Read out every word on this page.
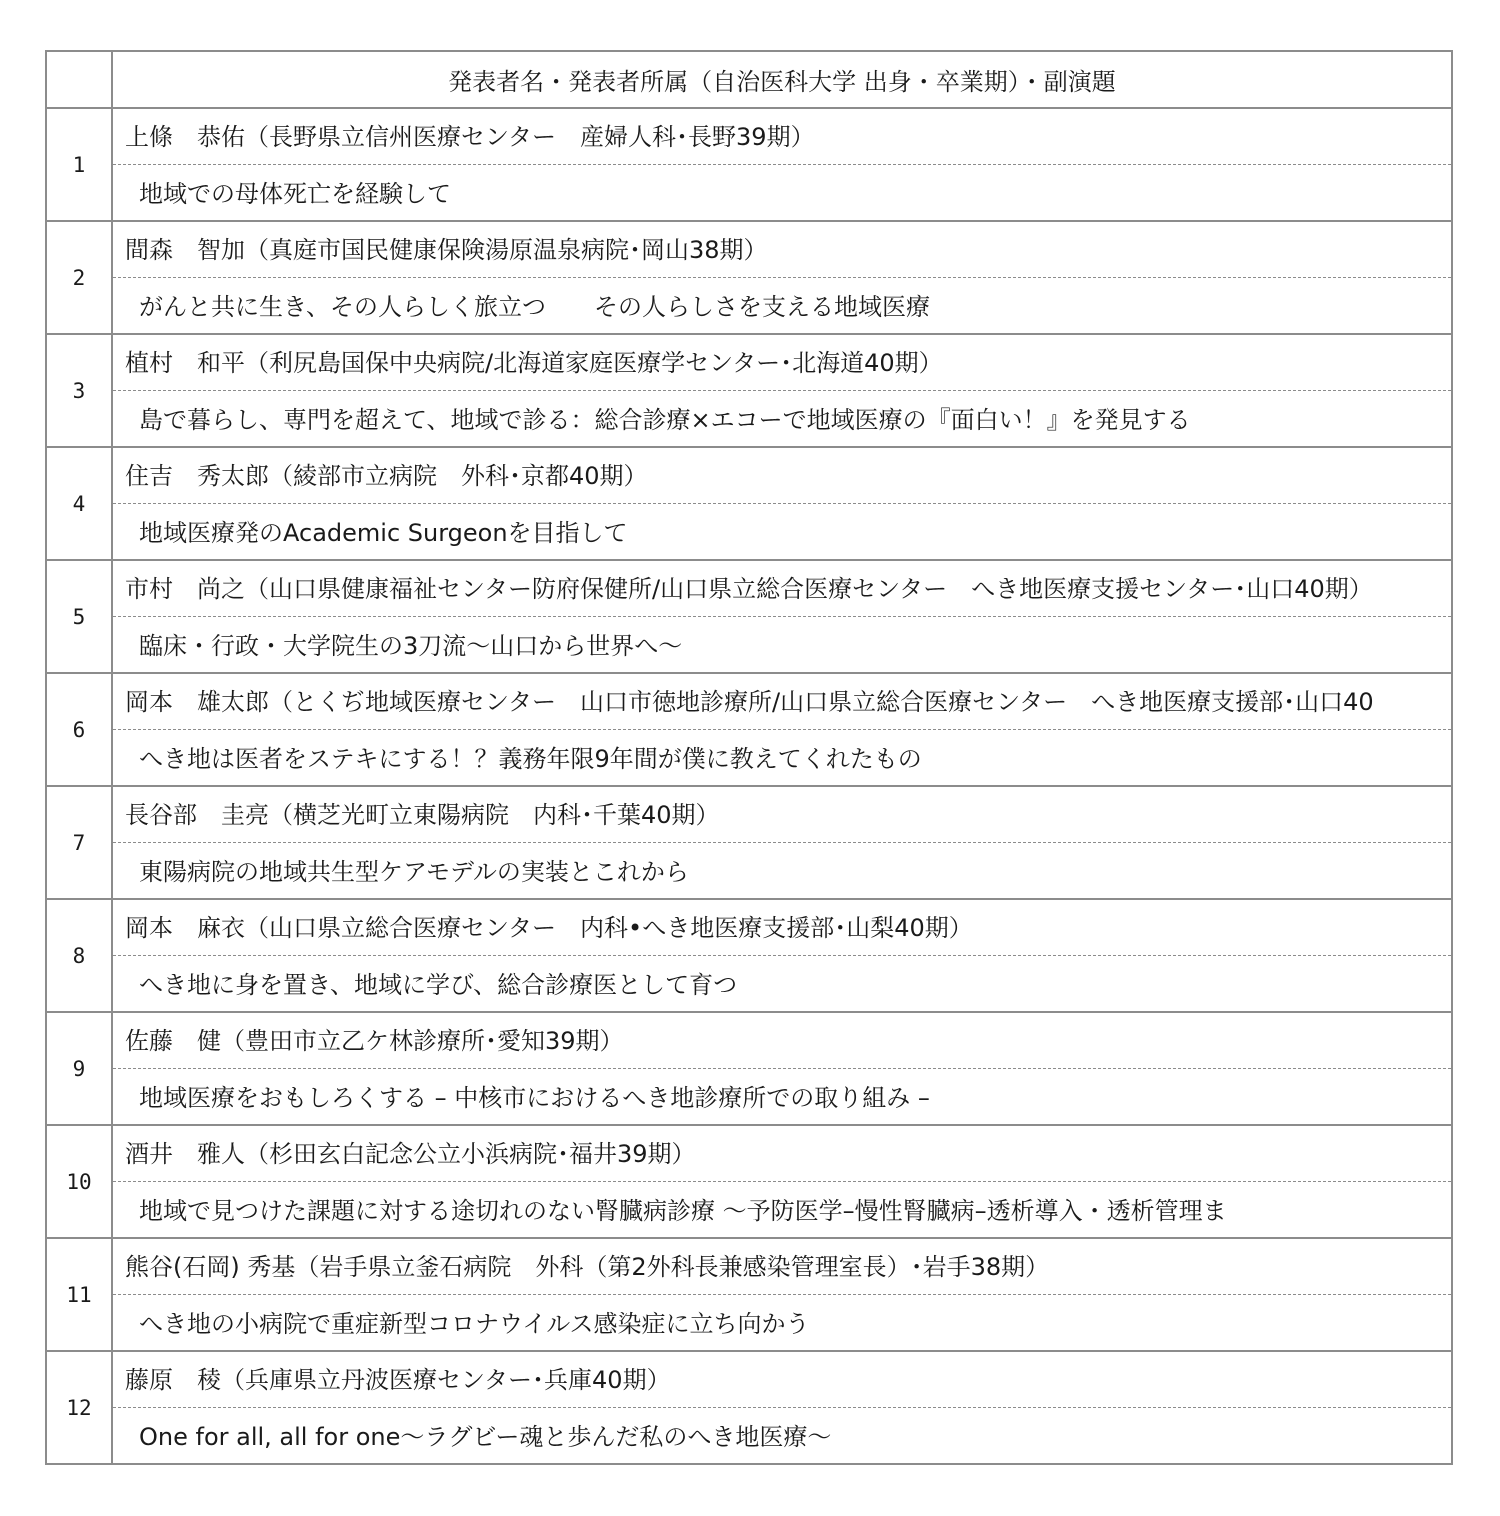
	発表者名・発表者所属（自治医科大学 出身・卒業期）・副演題
1	上條　恭佑（長野県立信州医療センター　産婦人科･長野39期）
地域での母体死亡を経験して

2	間森　智加（真庭市国民健康保険湯原温泉病院･岡山38期）
がんと共に生き、その人らしく旅立つ　　その人らしさを支える地域医療

3	植村　和平（利尻島国保中央病院/北海道家庭医療学センター･北海道40期）
島で暮らし、専門を超えて、地域で診る：総合診療×エコーで地域医療の『面白い！』を発見する

4	住吉　秀太郎（綾部市立病院　外科･京都40期）
地域医療発のAcademic Surgeonを目指して

5	市村　尚之（山口県健康福祉センター防府保健所/山口県立総合医療センター　へき地医療支援センター･山口40期）
臨床・行政・大学院生の3刀流～山口から世界へ～

6	岡本　雄太郎（とくぢ地域医療センター　山口市徳地診療所/山口県立総合医療センター　へき地医療支援部･山口40
へき地は医者をステキにする！？義務年限9年間が僕に教えてくれたもの

7	長谷部　圭亮（横芝光町立東陽病院　内科･千葉40期）
東陽病院の地域共生型ケアモデルの実装とこれから

8	岡本　麻衣（山口県立総合医療センター　内科•へき地医療支援部･山梨40期）
へき地に身を置き、地域に学び、総合診療医として育つ

9	佐藤　健（豊田市立乙ケ林診療所･愛知39期）
地域医療をおもしろくする – 中核市におけるへき地診療所での取り組み –

10	酒井　雅人（杉田玄白記念公立小浜病院･福井39期）
地域で見つけた課題に対する途切れのない腎臓病診療 ～予防医学–慢性腎臓病–透析導入・透析管理ま

11	熊谷(石岡) 秀基（岩手県立釜石病院　外科（第2外科長兼感染管理室長）･岩手38期）
へき地の小病院で重症新型コロナウイルス感染症に立ち向かう

12	藤原　稜（兵庫県立丹波医療センター･兵庫40期）
One for all, all for one～ラグビー魂と歩んだ私のへき地医療～
